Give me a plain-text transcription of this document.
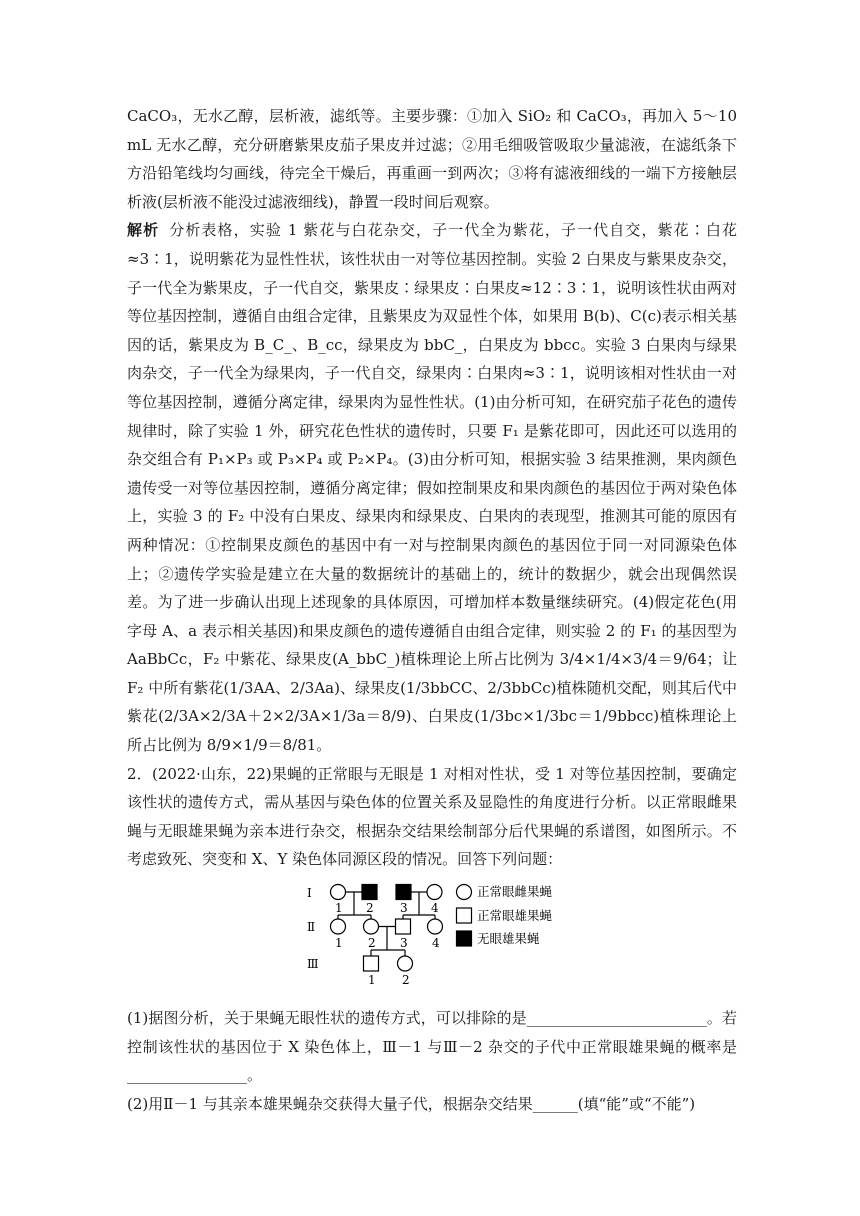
CaCO₃，无水乙醇，层析液，滤纸等。主要步骤：①加入 SiO₂ 和 CaCO₃，再加入 5～10 mL 无水乙醇，充分研磨紫果皮茄子果皮并过滤；②用毛细吸管吸取少量滤液，在滤纸条下方沿铅笔线均匀画线，待完全干燥后，再重画一到两次；③将有滤液细线的一端下方接触层析液(层析液不能没过滤液细线)，静置一段时间后观察。

解析 分析表格，实验 1 紫花与白花杂交，子一代全为紫花，子一代自交，紫花∶白花≈3∶1，说明紫花为显性性状，该性状由一对等位基因控制。实验 2 白果皮与紫果皮杂交，子一代全为紫果皮，子一代自交，紫果皮∶绿果皮∶白果皮≈12∶3∶1，说明该性状由两对等位基因控制，遵循自由组合定律，且紫果皮为双显性个体，如果用 B(b)、C(c)表示相关基因的话，紫果皮为 B_C_、B_cc，绿果皮为 bbC_，白果皮为 bbcc。实验 3 白果肉与绿果肉杂交，子一代全为绿果肉，子一代自交，绿果肉∶白果肉≈3∶1，说明该相对性状由一对等位基因控制，遵循分离定律，绿果肉为显性性状。(1)由分析可知，在研究茄子花色的遗传规律时，除了实验 1 外，研究花色性状的遗传时，只要 F₁ 是紫花即可，因此还可以选用的杂交组合有 P₁×P₃ 或 P₃×P₄ 或 P₂×P₄。(3)由分析可知，根据实验 3 结果推测，果肉颜色遗传受一对等位基因控制，遵循分离定律；假如控制果皮和果肉颜色的基因位于两对染色体上，实验 3 的 F₂ 中没有白果皮、绿果肉和绿果皮、白果肉的表现型，推测其可能的原因有两种情况：①控制果皮颜色的基因中有一对与控制果肉颜色的基因位于同一对同源染色体上；②遗传学实验是建立在大量的数据统计的基础上的，统计的数据少，就会出现偶然误差。为了进一步确认出现上述现象的具体原因，可增加样本数量继续研究。(4)假定花色(用字母 A、a 表示相关基因)和果皮颜色的遗传遵循自由组合定律，则实验 2 的 F₁ 的基因型为 AaBbCc，F₂ 中紫花、绿果皮(A_bbC_)植株理论上所占比例为 3/4×1/4×3/4＝9/64；让 F₂ 中所有紫花(1/3AA、2/3Aa)、绿果皮(1/3bbCC、2/3bbCc)植株随机交配，则其后代中紫花(2/3A×2/3A＋2×2/3A×1/3a＝8/9)、白果皮(1/3bc×1/3bc＝1/9bbcc)植株理论上所占比例为 8/9×1/9＝8/81。

2．(2022·山东，22)果蝇的正常眼与无眼是 1 对相对性状，受 1 对等位基因控制，要确定该性状的遗传方式，需从基因与染色体的位置关系及显隐性的角度进行分析。以正常眼雌果蝇与无眼雄果蝇为亲本进行杂交，根据杂交结果绘制部分后代果蝇的系谱图，如图所示。不考虑致死、突变和 X、Y 染色体同源区段的情况。回答下列问题：

Ⅰ
Ⅱ
Ⅲ
1 2 3 4
1 2 3 4
1 2
正常眼雌果蝇
正常眼雄果蝇
无眼雄果蝇

(1)据图分析，关于果蝇无眼性状的遗传方式，可以排除的是________________________。若控制该性状的基因位于 X 染色体上，Ⅲ－1 与Ⅲ－2 杂交的子代中正常眼雄果蝇的概率是________________。

(2)用Ⅱ－1 与其亲本雄果蝇杂交获得大量子代，根据杂交结果______(填“能”或“不能”)
